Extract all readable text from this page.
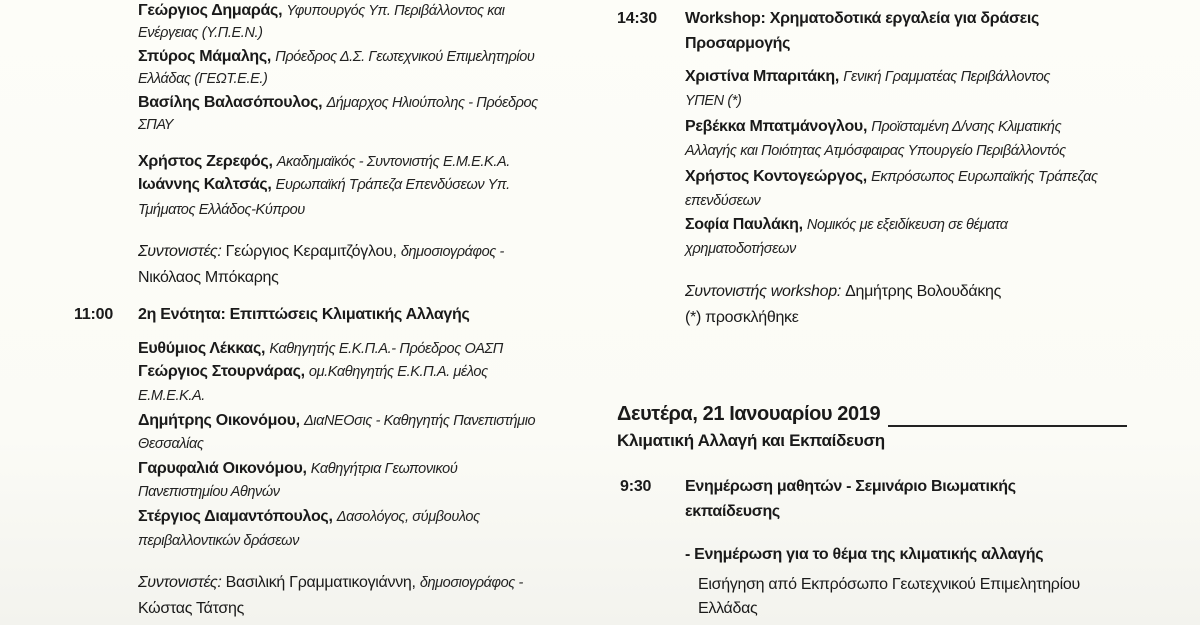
Γεώργιος Δημαράς, Υφυπουργός Υπ. Περιβάλλοντος και
Ενέργειας (Υ.Π.Ε.Ν.)
Σπύρος Μάμαλης, Πρόεδρος Δ.Σ. Γεωτεχνικού Επιμελητηρίου
Ελλάδας (ΓΕΩΤ.Ε.Ε.)
Βασίλης Βαλασόπουλος, Δήμαρχος Ηλιούπολης - Πρόεδρος
ΣΠΑΥ
Χρήστος Ζερεφός, Ακαδημαϊκός - Συντονιστής Ε.Μ.Ε.Κ.Α.
Ιωάννης Καλτσάς, Ευρωπαϊκή Τράπεζα Επενδύσεων Υπ.
Τμήματος Ελλάδος-Κύπρου
Συντονιστές: Γεώργιος Κεραμιτζόγλου, δημοσιογράφος -
Νικόλαος Μπόκαρης
11:00 2η Ενότητα: Επιπτώσεις Κλιματικής Αλλαγής
Ευθύμιος Λέκκας, Καθηγητής Ε.Κ.Π.Α.- Πρόεδρος ΟΑΣΠ
Γεώργιος Στουρνάρας, ομ.Καθηγητής Ε.Κ.Π.Α. μέλος
Ε.Μ.Ε.Κ.Α.
Δημήτρης Οικονόμου, ΔιαΝΕΟσις - Καθηγητής Πανεπιστήμιο
Θεσσαλίας
Γαρυφαλιά Οικονόμου, Καθηγήτρια Γεωπονικού
Πανεπιστημίου Αθηνών
Στέργιος Διαμαντόπουλος, Δασολόγος, σύμβουλος
περιβαλλοντικών δράσεων
Συντονιστές: Βασιλική Γραμματικογιάννη, δημοσιογράφος -
Κώστας Τάτσης
14:30 Workshop: Χρηματοδοτικά εργαλεία για δράσεις
Προσαρμογής
Χριστίνα Μπαριτάκη, Γενική Γραμματέας Περιβάλλοντος
ΥΠΕΝ (*)
Ρεβέκκα Μπατμάνογλου, Προϊσταμένη Δ/νσης Κλιματικής
Αλλαγής και Ποιότητας Ατμόσφαιρας Υπουργείο Περιβάλλοντός
Χρήστος Κοντογεώργος, Εκπρόσωπος Ευρωπαϊκής Τράπεζας
επενδύσεων
Σοφία Παυλάκη, Νομικός με εξειδίκευση σε θέματα
χρηματοδοτήσεων
Συντονιστής workshop: Δημήτρης Βολουδάκης
(*) προσκλήθηκε
Δευτέρα, 21 Ιανουαρίου 2019
Κλιματική Αλλαγή και Εκπαίδευση
9:30 Ενημέρωση μαθητών - Σεμινάριο Βιωματικής
εκπαίδευσης
- Ενημέρωση για το θέμα της κλιματικής αλλαγής
Εισήγηση από Εκπρόσωπο Γεωτεχνικού Επιμελητηρίου
Ελλάδας
